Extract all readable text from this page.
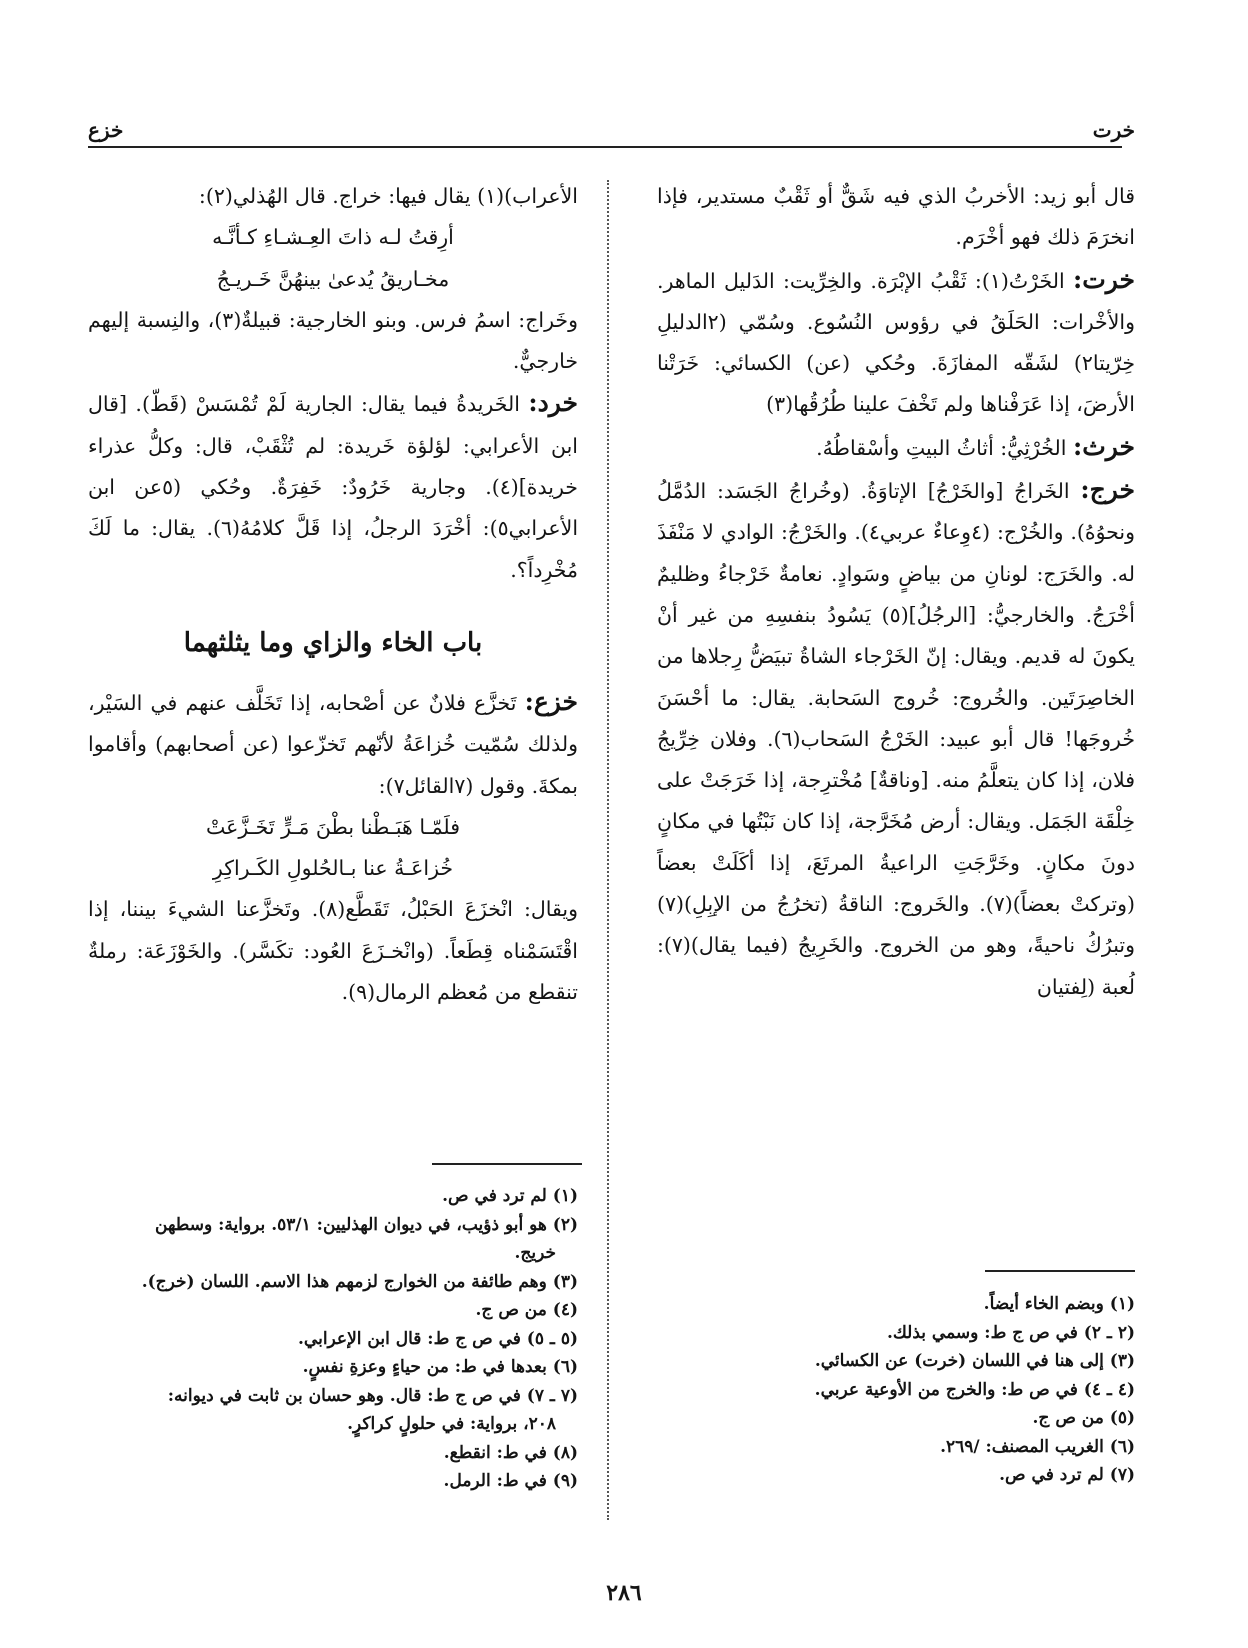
خرت
خزع

قال أبو زيد: الأخربُ الذي فيه شَقٌّ أو ثَقْبٌ مستدير، فإذا انخرَمَ ذلك فهو أخْرَم.

خرت: الخَرْتُ(١): ثَقْبُ الإبْرَة. والخِرِّيت: الدَليل الماهر. والأخْرات: الحَلَقُ في رؤوس النُسُوع. وسُمّي (٢الدليلِ خِرّيتا٢) لشَقّه المفازَةَ. وحُكي (عن) الكسائي: خَرَتْنا الأرضَ، إذا عَرَفْناها ولم تَخْفَ علينا طُرُقُها(٣)

خرث: الخُرْثِيُّ: أثاثُ البيتِ وأسْقاطُهُ.

خرج: الخَراجُ [والخَرْجُ] الإتاوَةُ. (وخُراجُ الجَسَد: الدُمَّلُ ونحوُهُ). والخُرْج: (٤وِعاءٌ عربي٤). والخَرْجُ: الوادي لا مَنْفَذَ له. والخَرَج: لونانِ من بياضٍ وسَوادٍ. نعامةٌ خَرْجاءُ وظليمٌ أخْرَجُ. والخارجيُّ: [الرجُلُ](٥) يَسُودُ بنفسِهِ من غير أنْ يكونَ له قديم. ويقال: إنّ الخَرْجاء الشاةُ تبيَضُّ رِجلاها من الخاصِرَتَين. والخُروج: خُروج السَحابة. يقال: ما أحْسَنَ خُروجَها! قال أبو عبيد: الخَرْجُ السَحاب(٦). وفلان خِرِّيجُ فلان، إذا كان يتعلَّمُ منه. [وناقةٌ] مُخْترِجة، إذا خَرَجَتْ على خِلْقَة الجَمَل. ويقال: أرض مُخَرَّجة، إذا كان نَبْتُها في مكانٍ دونَ مكانٍ. وخَرَّجَتِ الراعيةُ المرتَعَ، إذا أكَلَتْ بعضاً (وتركتْ بعضاً)(٧). والخَروج: الناقةُ (تخرُجُ من الإبِلِ)(٧) وتبرُكُ ناحيةً، وهو من الخروج. والخَرِيجُ (فيما يقال)(٧): لُعبة (لِفتيان

الأعراب)(١) يقال فيها: خراج. قال الهُذلي(٢):

أرِقتُ لـه ذاتَ العِـشـاءِ كـأنَّـه

مخـاريقُ يُدعىٰ بينهُنَّ خَـريـجُ

وخَراج: اسمُ فرس. وبنو الخارجية: قبيلةٌ(٣)، والنِسبة إليهم خارجيٌّ.

خرد: الخَريدةُ فيما يقال: الجارية لَمْ تُمْسَسْ (قَطّ). [قال ابن الأعرابي: لؤلؤة خَريدة: لم تُثْقَبْ، قال: وكلُّ عذراء خريدة](٤). وجارية خَرُودٌ: خَفِرَةٌ. وحُكي (٥عن ابن الأعرابي٥): أخْرَدَ الرجلُ، إذا قَلَّ كلامُهُ(٦). يقال: ما لَكَ مُخْرِداً؟.

باب الخاء والزاي وما يثلثهما

خزع: تَخزَّع فلانٌ عن أصْحابه، إذا تَخَلَّف عنهم في السَيْر، ولذلك سُمّيت خُزاعَةُ لأنّهم تَخزّعوا (عن أصحابهم) وأقاموا بمكةَ. وقول (٧القائل٧):

فلَمّـا هَبَـطْنا بطْنَ مَـرٍّ تَخَـزَّعَتْ

خُزاعَـةُ عنا بـالحُلولِ الكَـراكِرِ

ويقال: انْخزَعَ الحَبْلُ، تَقَطَّع(٨). وتَخزَّعنا الشيءَ بيننا، إذا اقْتَسَمْناه قِطَعاً. (وانْخـزَعَ العُود: تكَسَّر). والخَوْزَعَة: رملةٌ تنقطع من مُعظم الرمال(٩).

(١) وبضم الخاء أيضاً.
(٢ ـ ٢) في ص ج ط: وسمي بذلك.
(٣) إلى هنا في اللسان (خرت) عن الكسائي.
(٤ ـ ٤) في ص ط: والخرج من الأوعية عربي.
(٥) من ص ج.
(٦) الغريب المصنف: /٢٦٩.
(٧) لم ترد في ص.
(١) لم ترد في ص.
(٢) هو أبو ذؤيب، في ديوان الهذليين: ٥٣/١. برواية: وسطهن
خريج.
(٣) وهم طائفة من الخوارج لزمهم هذا الاسم. اللسان (خرج).
(٤) من ص ج.
(٥ ـ ٥) في ص ج ط: قال ابن الإعرابي.
(٦) بعدها في ط: من حياءٍ وعزةِ نفسٍ.
(٧ ـ ٧) في ص ج ط: قال. وهو حسان بن ثابت في ديوانه:
٢٠٨، برواية: في حلولٍ كراكرٍ.
(٨) في ط: انقطع.
(٩) في ط: الرمل.
٢٨٦
